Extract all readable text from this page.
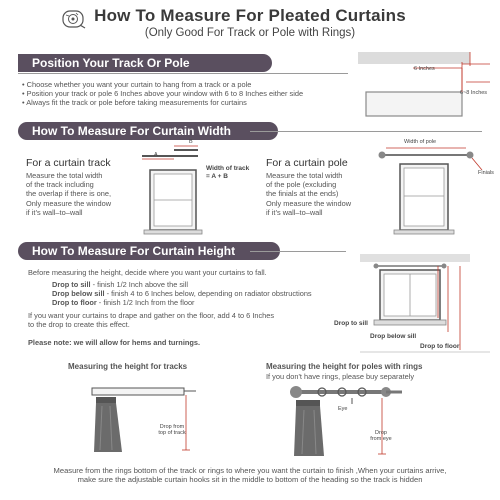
How To Measure For Pleated Curtains
(Only Good For Track or Pole with Rings)
Position Your Track Or Pole
• Choose whether you want your curtain to hang from a track or a pole
• Position your track or pole 6 Inches above your window with 6 to 8 Inches either side
• Always fit the track or pole before taking measurements for curtains
6 Inches
6~8 Inches
How To Measure For Curtain Width
A
B
Width of track
= A + B
For a curtain track
Measure the total width
of the track including
the overlap if there is one,
Only measure the window
if it’s wall–to–wall
Width of pole
Finials
For a curtain pole
Measure the total width
of the pole (excluding
the finials at the ends)
Only measure the window
if it’s wall–to–wall
How To Measure For Curtain Height
Before measuring the height, decide where you want your curtains to fall.
Drop to sill - finish 1/2 Inch above the sill
Drop below sill - finish 4 to 6 Inches below, depending on radiator obstructions
Drop to floor - finish 1/2 Inch from the floor
If you want your curtains to drape and gather on the floor, add 4 to 6 Inches
to the drop to create this effect.
Please note: we will allow for hems and turnings.
Drop to sill
Drop below sill
Drop to floor
Measuring the height for tracks
Drop from
top of track
Measuring the height for poles with rings
If you don't have rings, please buy separately
Eye
Drop
from eye
Measure from the rings bottom of the track or rings to where you want the curtain to finish ,When your curtains arrive,
make sure the adjustable curtain hooks sit in the middle to bottom of the heading so the track is hidden
